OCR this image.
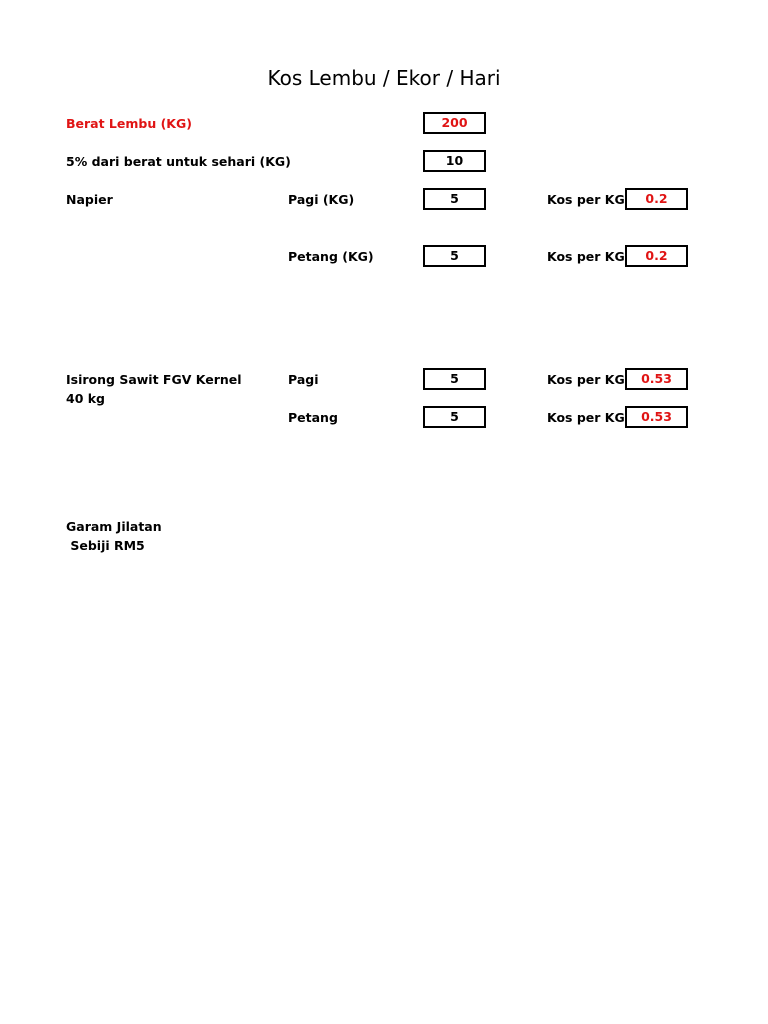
Kos Lembu / Ekor / Hari
Berat Lembu (KG)	200
5% dari berat untuk sehari (KG)	10
Napier	Pagi (KG)	5	Kos per KG	0.2
Petang (KG)	5	Kos per KG	0.2
Isirong Sawit FGV Kernel
40 kg
Pagi	5	Kos per KG	0.53
Petang	5	Kos per KG	0.53
Garam Jilatan
Sebiji RM5
